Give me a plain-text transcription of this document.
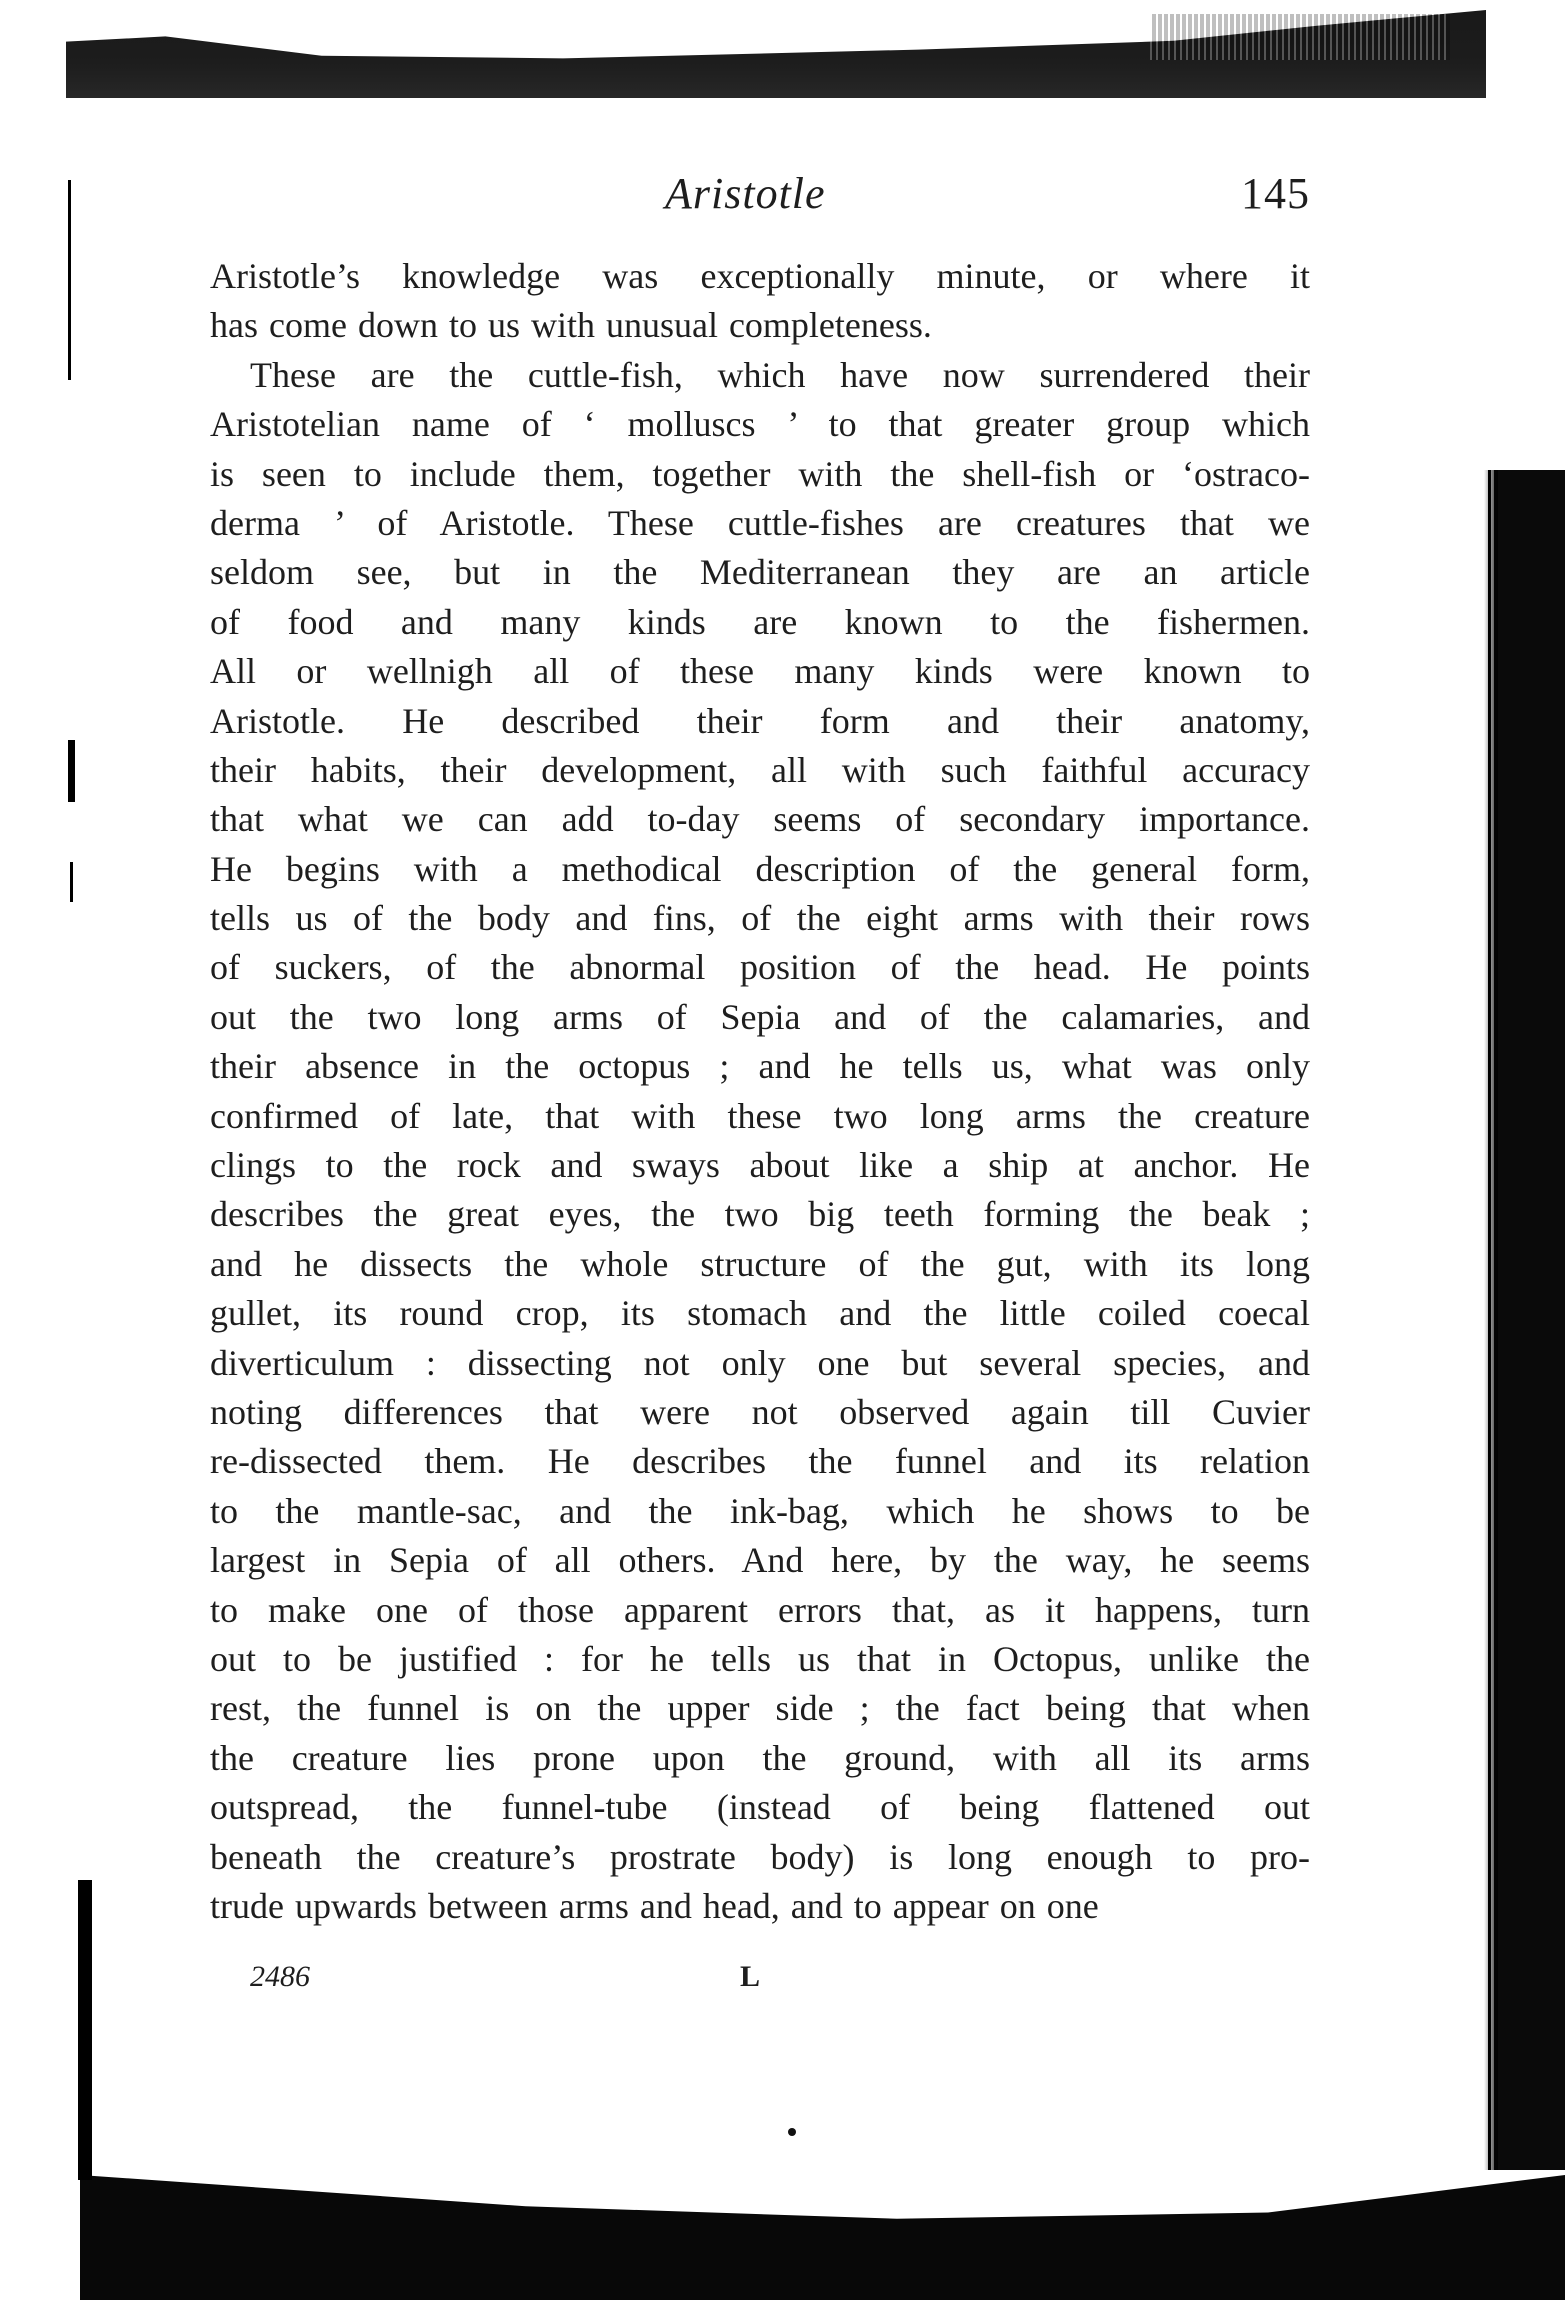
Aristotle	145
Aristotle’s knowledge was exceptionally minute, or where it
has come down to us with unusual completeness.
These are the cuttle-fish, which have now surrendered their
Aristotelian name of ‘ molluscs ’ to that greater group which
is seen to include them, together with the shell-fish or ‘ostraco-
derma ’ of Aristotle. These cuttle-fishes are creatures that we
seldom see, but in the Mediterranean they are an article
of food and many kinds are known to the fishermen.
All or wellnigh all of these many kinds were known to
Aristotle. He described their form and their anatomy,
their habits, their development, all with such faithful accuracy
that what we can add to-day seems of secondary importance.
He begins with a methodical description of the general form,
tells us of the body and fins, of the eight arms with their rows
of suckers, of the abnormal position of the head. He points
out the two long arms of Sepia and of the calamaries, and
their absence in the octopus ; and he tells us, what was only
confirmed of late, that with these two long arms the creature
clings to the rock and sways about like a ship at anchor. He
describes the great eyes, the two big teeth forming the beak ;
and he dissects the whole structure of the gut, with its long
gullet, its round crop, its stomach and the little coiled coecal
diverticulum : dissecting not only one but several species, and
noting differences that were not observed again till Cuvier
re-dissected them. He describes the funnel and its relation
to the mantle-sac, and the ink-bag, which he shows to be
largest in Sepia of all others. And here, by the way, he seems
to make one of those apparent errors that, as it happens, turn
out to be justified : for he tells us that in Octopus, unlike the
rest, the funnel is on the upper side ; the fact being that when
the creature lies prone upon the ground, with all its arms
outspread, the funnel-tube (instead of being flattened out
beneath the creature’s prostrate body) is long enough to pro-
trude upwards between arms and head, and to appear on one
2486	L
